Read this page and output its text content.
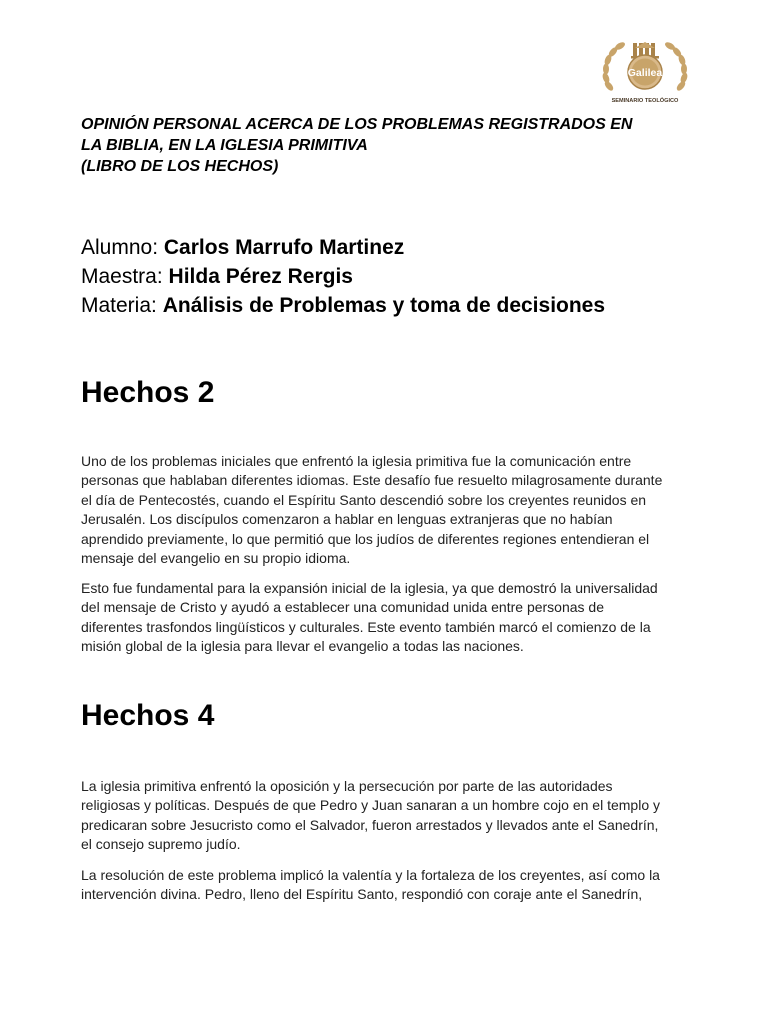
Galilea
SEMINARIO TEOLÓGICO
OPINIÓN PERSONAL ACERCA DE LOS PROBLEMAS REGISTRADOS EN
LA BIBLIA, EN LA IGLESIA PRIMITIVA
(LIBRO DE LOS HECHOS)
Alumno: Carlos Marrufo Martinez
Maestra: Hilda Pérez Rergis
Materia: Análisis de Problemas y toma de decisiones
Hechos 2
Uno de los problemas iniciales que enfrentó la iglesia primitiva fue la comunicación entre
personas que hablaban diferentes idiomas. Este desafío fue resuelto milagrosamente durante
el día de Pentecostés, cuando el Espíritu Santo descendió sobre los creyentes reunidos en
Jerusalén. Los discípulos comenzaron a hablar en lenguas extranjeras que no habían
aprendido previamente, lo que permitió que los judíos de diferentes regiones entendieran el
mensaje del evangelio en su propio idioma.
Esto fue fundamental para la expansión inicial de la iglesia, ya que demostró la universalidad
del mensaje de Cristo y ayudó a establecer una comunidad unida entre personas de
diferentes trasfondos lingüísticos y culturales. Este evento también marcó el comienzo de la
misión global de la iglesia para llevar el evangelio a todas las naciones.
Hechos 4
La iglesia primitiva enfrentó la oposición y la persecución por parte de las autoridades
religiosas y políticas. Después de que Pedro y Juan sanaran a un hombre cojo en el templo y
predicaran sobre Jesucristo como el Salvador, fueron arrestados y llevados ante el Sanedrín,
el consejo supremo judío.
La resolución de este problema implicó la valentía y la fortaleza de los creyentes, así como la
intervención divina. Pedro, lleno del Espíritu Santo, respondió con coraje ante el Sanedrín,
